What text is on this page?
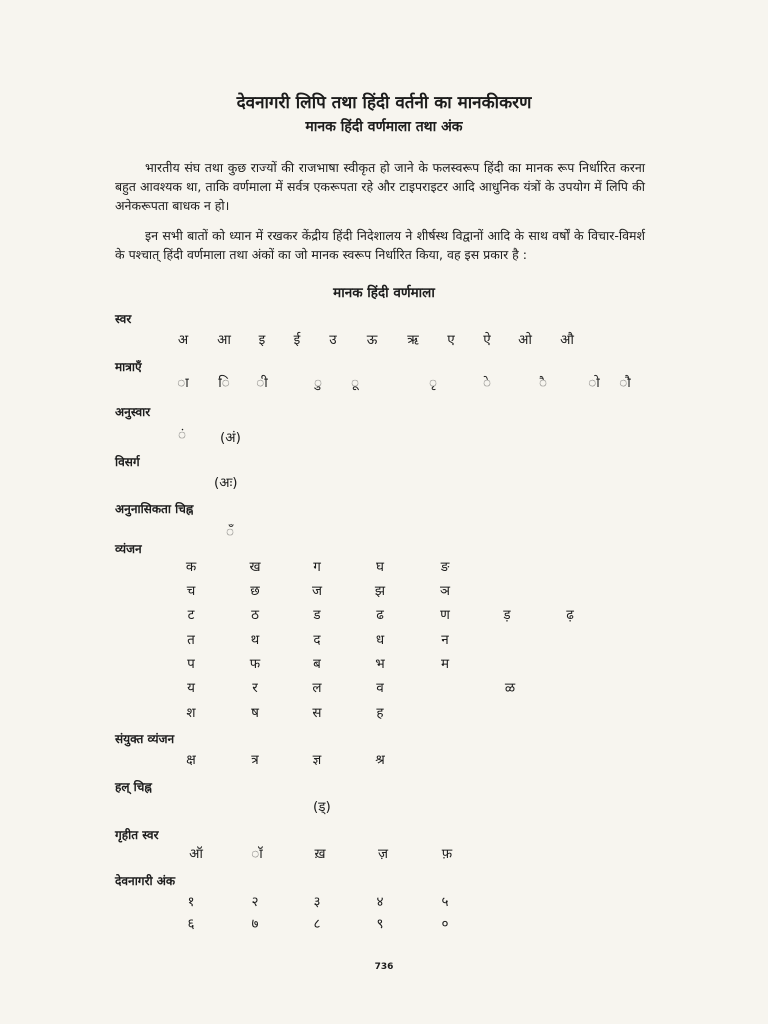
देवनागरी लिपि तथा हिंदी वर्तनी का मानकीकरण
मानक हिंदी वर्णमाला तथा अंक
भारतीय संघ तथा कुछ राज्यों की राजभाषा स्वीकृत हो जाने के फलस्वरूप हिंदी का मानक रूप निर्धारित करना बहुत आवश्यक था, ताकि वर्णमाला में सर्वत्र एकरूपता रहे और टाइपराइटर आदि आधुनिक यंत्रों के उपयोग में लिपि की अनेकरूपता बाधक न हो।
इन सभी बातों को ध्यान में रखकर केंद्रीय हिंदी निदेशालय ने शीर्षस्थ विद्वानों आदि के साथ वर्षों के विचार-विमर्श के पश्चात् हिंदी वर्णमाला तथा अंकों का जो मानक स्वरूप निर्धारित किया, वह इस प्रकार है :
मानक हिंदी वर्णमाला
स्वर
अ आ इ ई उ ऊ ऋ ए ऐ ओ औ
मात्राएँ
ा ि ी	ु ू	ृ	े	ै	ो ौ
अनुस्वार
ं	(अं)
विसर्ग
(अः)
अनुनासिकता चिह्न
ँ
व्यंजन
क	ख	ग	घ	ङ
च	छ	ज	झ	ञ
ट	ठ	ड	ढ	ण	ड़	ढ़
त	थ	द	ध	न
प	फ	ब	भ	म
य	र	ल	व	ळ
श	ष	स	ह
संयुक्त व्यंजन
क्ष	त्र	ज्ञ	श्र
हल् चिह्न
(ड्)
गृहीत स्वर
ऑ	ॉ	ख़	ज़	फ़
देवनागरी अंक
१	२	३	४	५
६	७	८	९	०
736
